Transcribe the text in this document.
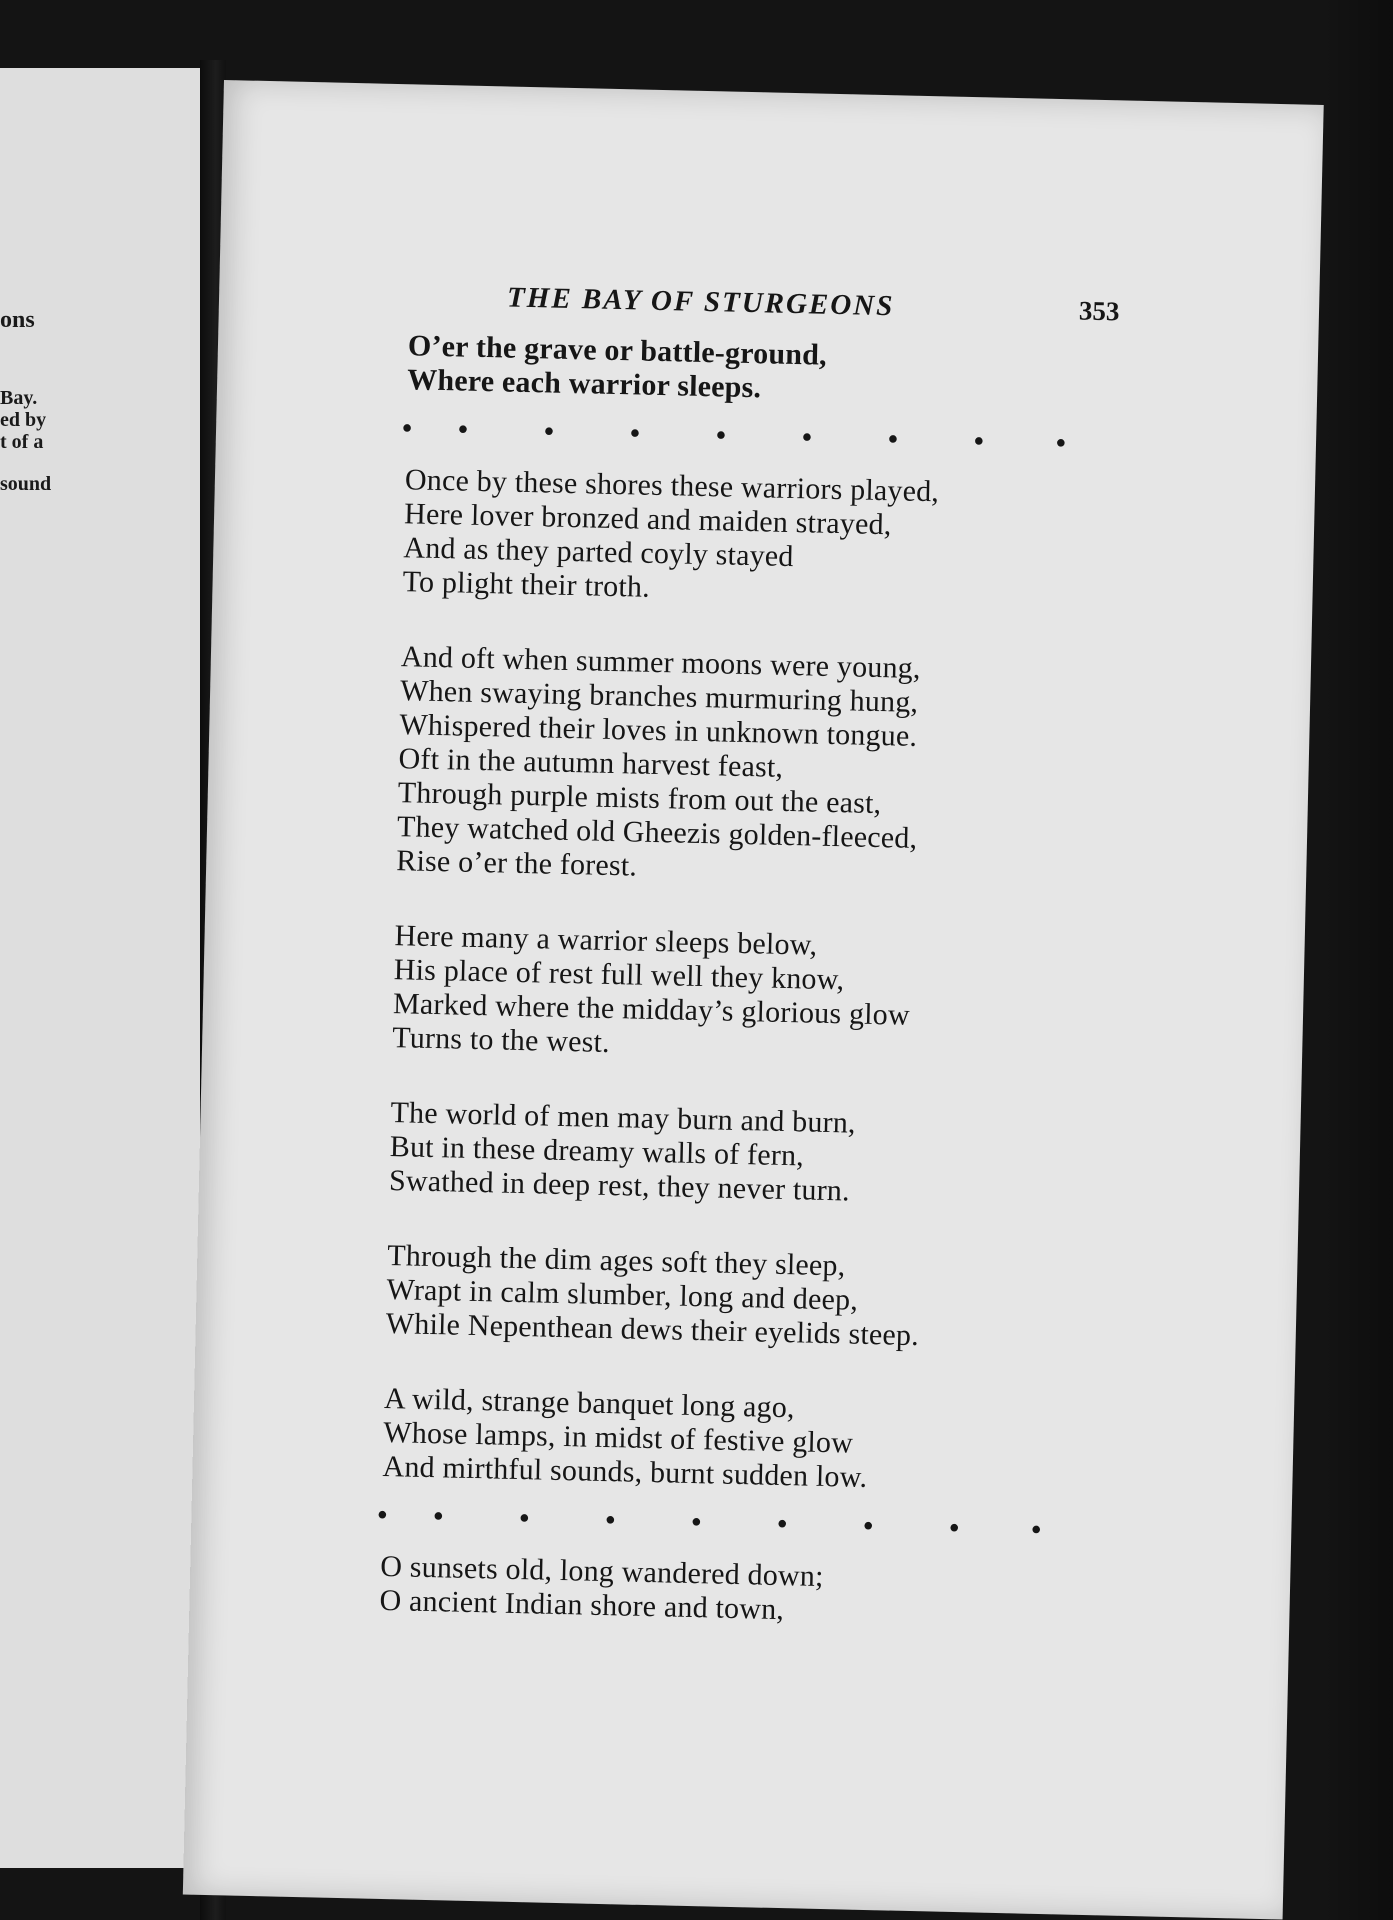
ons

Bay.

ed by

t of a

sound

THE BAY OF STURGEONS	353
O’er the grave or battle-ground,
Where each warrior sleeps.
• •	•	•	•	•	•	•	•
Once by these shores these warriors played,
Here lover bronzed and maiden strayed,
And as they parted coyly stayed
To plight their troth.
And oft when summer moons were young,
When swaying branches murmuring hung,
Whispered their loves in unknown tongue.
Oft in the autumn harvest feast,
Through purple mists from out the east,
They watched old Gheezis golden-fleeced,
Rise o’er the forest.
Here many a warrior sleeps below,
His place of rest full well they know,
Marked where the midday’s glorious glow
Turns to the west.
The world of men may burn and burn,
But in these dreamy walls of fern,
Swathed in deep rest, they never turn.
Through the dim ages soft they sleep,
Wrapt in calm slumber, long and deep,
While Nepenthean dews their eyelids steep.
A wild, strange banquet long ago,
Whose lamps, in midst of festive glow
And mirthful sounds, burnt sudden low.
• •	•	•	•	•	•	•	•
O sunsets old, long wandered down;
O ancient Indian shore and town,
